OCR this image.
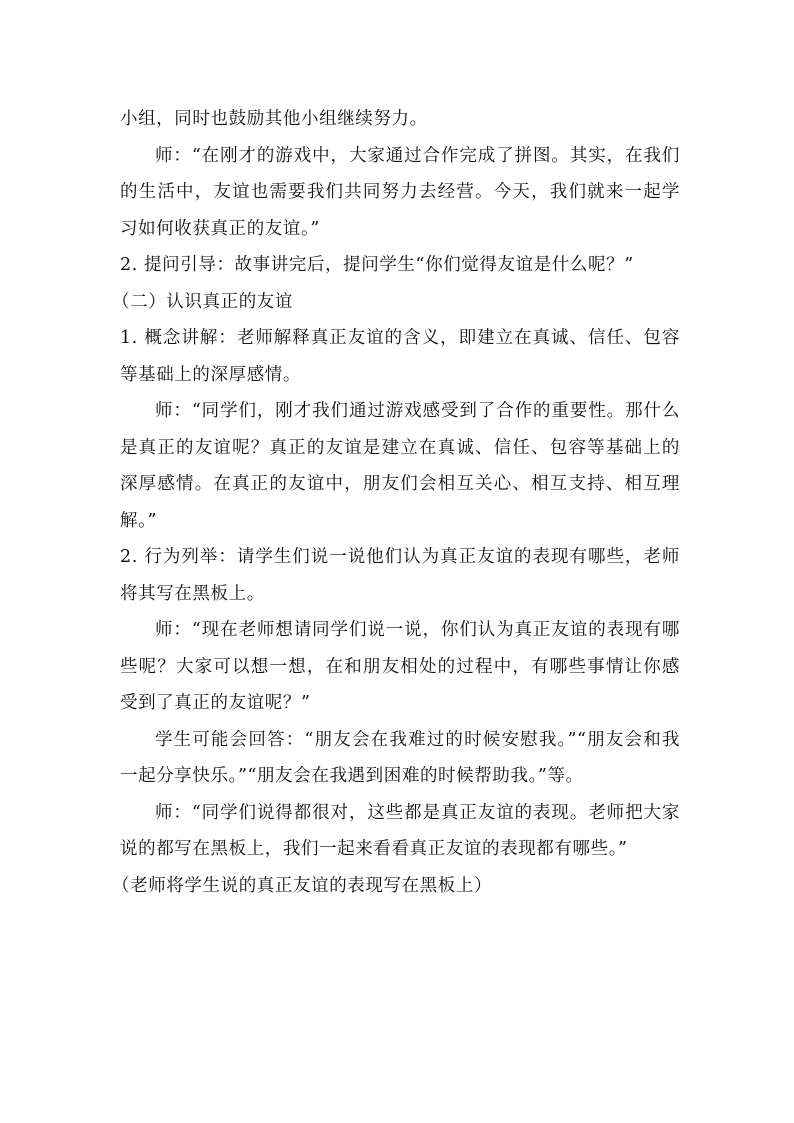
小组，同时也鼓励其他小组继续努力。

师：“在刚才的游戏中，大家通过合作完成了拼图。其实，在我们的生活中，友谊也需要我们共同努力去经营。今天，我们就来一起学习如何收获真正的友谊。”

2. 提问引导：故事讲完后，提问学生“你们觉得友谊是什么呢？”

（二）认识真正的友谊

1. 概念讲解：老师解释真正友谊的含义，即建立在真诚、信任、包容等基础上的深厚感情。

师：“同学们，刚才我们通过游戏感受到了合作的重要性。那什么是真正的友谊呢？真正的友谊是建立在真诚、信任、包容等基础上的深厚感情。在真正的友谊中，朋友们会相互关心、相互支持、相互理解。”

2. 行为列举：请学生们说一说他们认为真正友谊的表现有哪些，老师将其写在黑板上。

师：“现在老师想请同学们说一说，你们认为真正友谊的表现有哪些呢？大家可以想一想，在和朋友相处的过程中，有哪些事情让你感受到了真正的友谊呢？”

学生可能会回答：“朋友会在我难过的时候安慰我。”“朋友会和我一起分享快乐。”“朋友会在我遇到困难的时候帮助我。”等。

师：“同学们说得都很对，这些都是真正友谊的表现。老师把大家说的都写在黑板上，我们一起来看看真正友谊的表现都有哪些。”

（老师将学生说的真正友谊的表现写在黑板上）
